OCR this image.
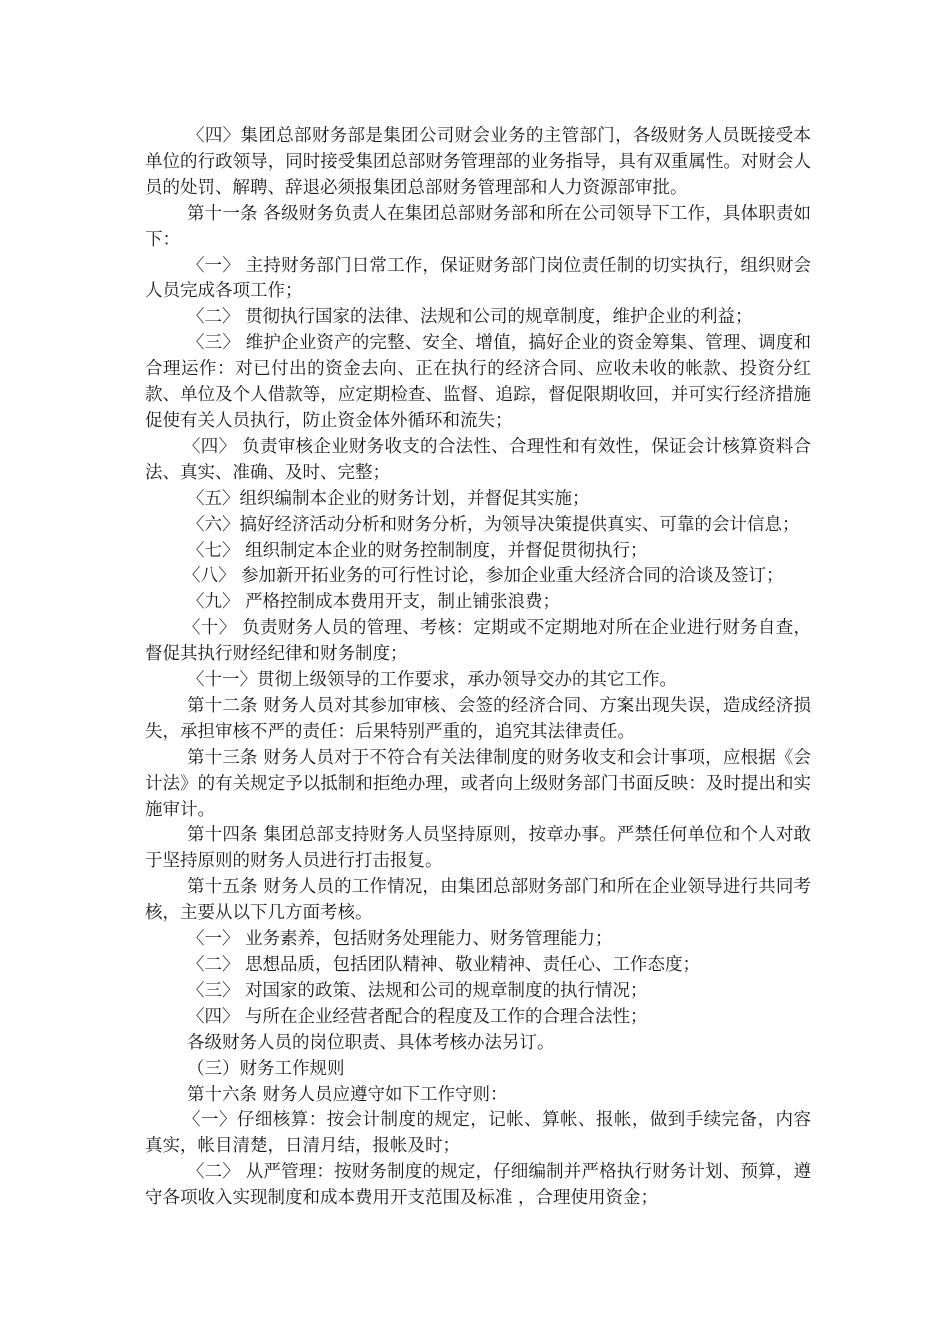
〈四〉集团总部财务部是集团公司财会业务的主管部门，各级财务人员既接受本单位的行政领导，同时接受集团总部财务管理部的业务指导，具有双重属性。对财会人员的处罚、解聘、辞退必须报集团总部财务管理部和人力资源部审批。

第十一条 各级财务负责人在集团总部财务部和所在公司领导下工作，具体职责如下：

〈一〉 主持财务部门日常工作，保证财务部门岗位责任制的切实执行，组织财会人员完成各项工作；

〈二〉 贯彻执行国家的法律、法规和公司的规章制度，维护企业的利益；

〈三〉 维护企业资产的完整、安全、增值，搞好企业的资金筹集、管理、调度和合理运作：对已付出的资金去向、正在执行的经济合同、应收未收的帐款、投资分红款、单位及个人借款等，应定期检查、监督、追踪，督促限期收回，并可实行经济措施促使有关人员执行，防止资金体外循环和流失；

〈四〉 负责审核企业财务收支的合法性、合理性和有效性，保证会计核算资料合法、真实、准确、及时、完整；

〈五〉组织编制本企业的财务计划，并督促其实施；

〈六〉搞好经济活动分析和财务分析，为领导决策提供真实、可靠的会计信息；

〈七〉 组织制定本企业的财务控制制度，并督促贯彻执行；

〈八〉 参加新开拓业务的可行性讨论，参加企业重大经济合同的洽谈及签订；

〈九〉 严格控制成本费用开支，制止铺张浪费；

〈十〉 负责财务人员的管理、考核：定期或不定期地对所在企业进行财务自查，督促其执行财经纪律和财务制度；

〈十一〉贯彻上级领导的工作要求，承办领导交办的其它工作。

第十二条 财务人员对其参加审核、会签的经济合同、方案出现失误，造成经济损失，承担审核不严的责任：后果特别严重的，追究其法律责任。

第十三条 财务人员对于不符合有关法律制度的财务收支和会计事项，应根据《会计法》的有关规定予以抵制和拒绝办理，或者向上级财务部门书面反映：及时提出和实施审计。

第十四条 集团总部支持财务人员坚持原则，按章办事。严禁任何单位和个人对敢于坚持原则的财务人员进行打击报复。

第十五条 财务人员的工作情况，由集团总部财务部门和所在企业领导进行共同考核，主要从以下几方面考核。

〈一〉 业务素养，包括财务处理能力、财务管理能力；

〈二〉 思想品质，包括团队精神、敬业精神、责任心、工作态度；

〈三〉 对国家的政策、法规和公司的规章制度的执行情况；

〈四〉 与所在企业经营者配合的程度及工作的合理合法性；

各级财务人员的岗位职责、具体考核办法另订。

（三）财务工作规则

第十六条 财务人员应遵守如下工作守则：

〈一〉仔细核算：按会计制度的规定，记帐、算帐、报帐，做到手续完备，内容真实，帐目清楚，日清月结，报帐及时；

〈二〉 从严管理：按财务制度的规定，仔细编制并严格执行财务计划、预算，遵守各项收入实现制度和成本费用开支范围及标准 ，合理使用资金；
